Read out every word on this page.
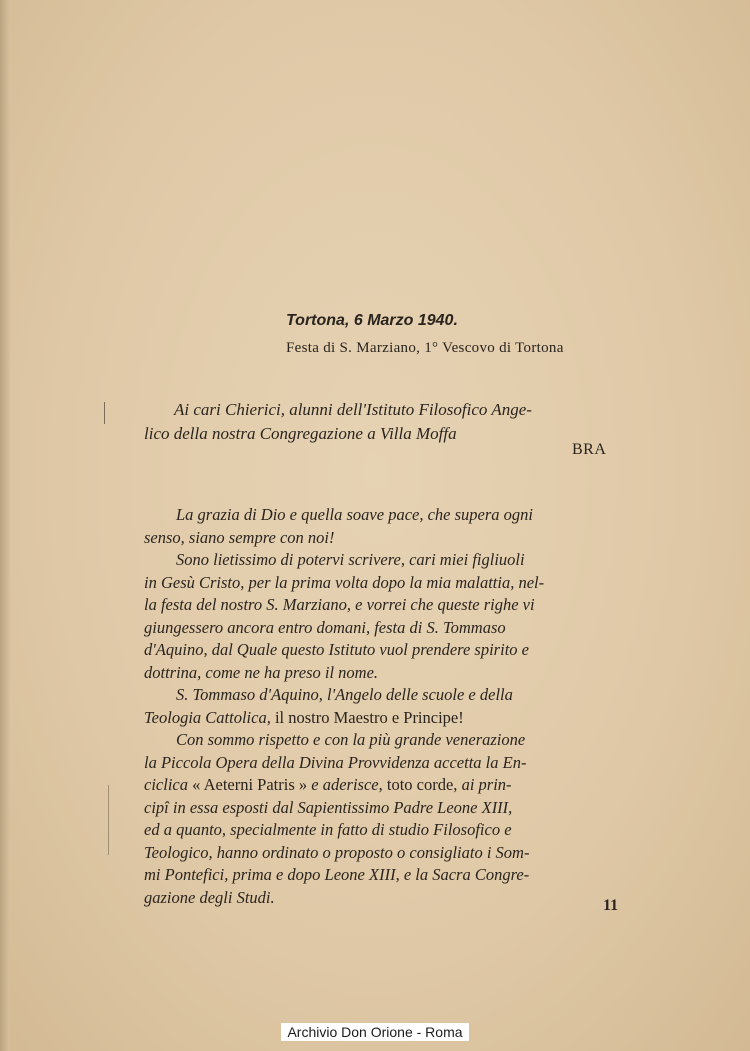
Tortona, 6 Marzo 1940.
Festa di S. Marziano, 1° Vescovo di Tortona
Ai cari Chierici, alunni dell'Istituto Filosofico Ange-
lico della nostra Congregazione a Villa Moffa
BRA
La grazia di Dio e quella soave pace, che supera ogni
senso, siano sempre con noi!
Sono lietissimo di potervi scrivere, cari miei figliuoli
in Gesù Cristo, per la prima volta dopo la mia malattia, nel-
la festa del nostro S. Marziano, e vorrei che queste righe vi
giungessero ancora entro domani, festa di S. Tommaso
d'Aquino, dal Quale questo Istituto vuol prendere spirito e
dottrina, come ne ha preso il nome.
S. Tommaso d'Aquino, l'Angelo delle scuole e della
Teologia Cattolica, il nostro Maestro e Principe!
Con sommo rispetto e con la più grande venerazione
la Piccola Opera della Divina Provvidenza accetta la En-
ciclica « Aeterni Patris » e aderisce, toto corde, ai prin-
cipî in essa esposti dal Sapientissimo Padre Leone XIII,
ed a quanto, specialmente in fatto di studio Filosofico e
Teologico, hanno ordinato o proposto o consigliato i Som-
mi Pontefici, prima e dopo Leone XIII, e la Sacra Congre-
gazione degli Studi.	11
Archivio Don Orione - Roma
